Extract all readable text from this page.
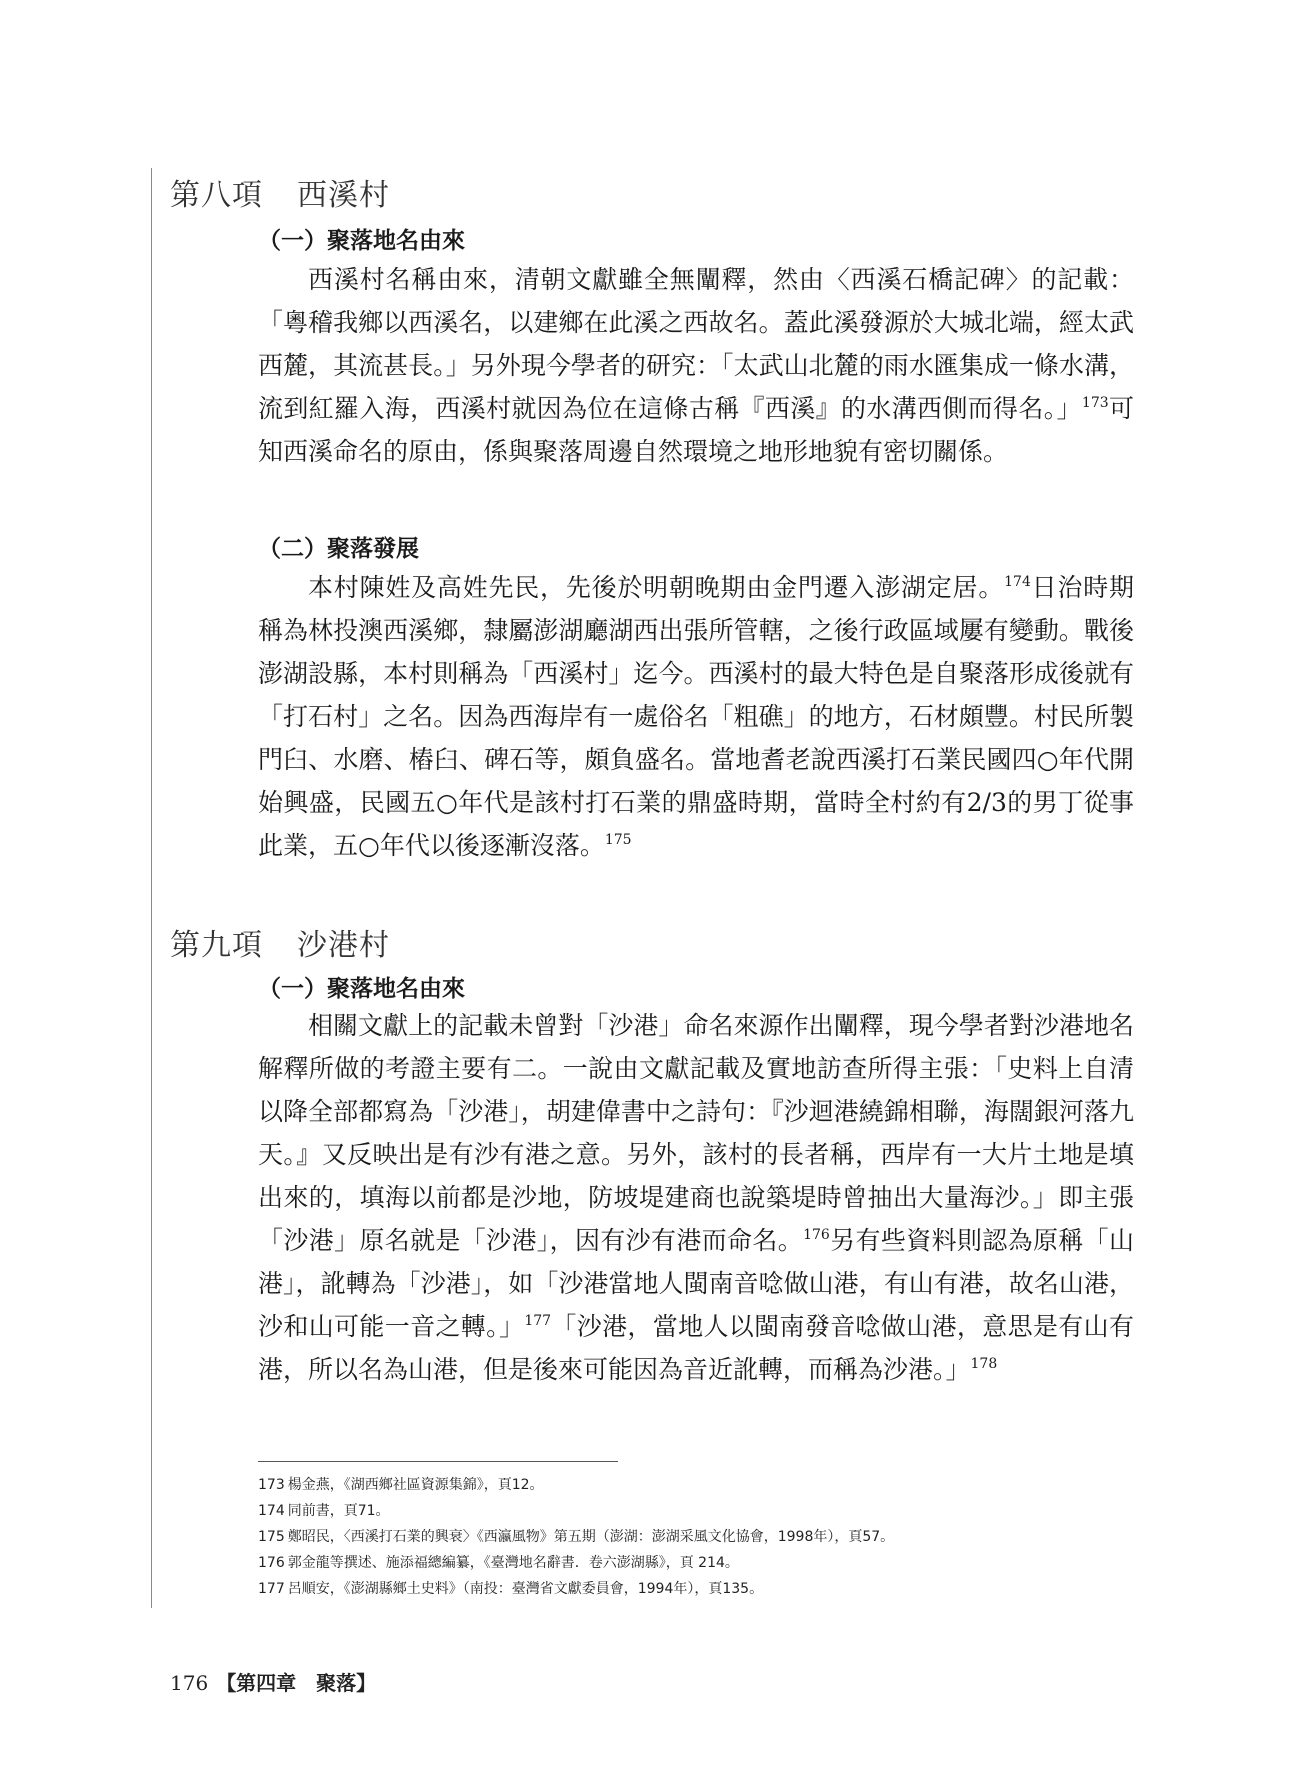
第八項 西溪村
（一）聚落地名由來

西溪村名稱由來，清朝文獻雖全無闡釋，然由〈西溪石橋記碑〉的記載：「粵稽我鄉以西溪名，以建鄉在此溪之西故名。蓋此溪發源於大城北端，經太武西麓，其流甚長。」另外現今學者的研究：「太武山北麓的雨水匯集成一條水溝，流到紅羅入海，西溪村就因為位在這條古稱『西溪』的水溝西側而得名。」$^{173}$可知西溪命名的原由，係與聚落周邊自然環境之地形地貌有密切關係。

（二）聚落發展

本村陳姓及高姓先民，先後於明朝晚期由金門遷入澎湖定居。$^{174}$日治時期稱為林投澳西溪鄉，隸屬澎湖廳湖西出張所管轄，之後行政區域屢有變動。戰後澎湖設縣，本村則稱為「西溪村」迄今。西溪村的最大特色是自聚落形成後就有「打石村」之名。因為西海岸有一處俗名「粗礁」的地方，石材頗豐。村民所製門臼、水磨、樁臼、碑石等，頗負盛名。當地耆老說西溪打石業民國四○年代開始興盛，民國五○年代是該村打石業的鼎盛時期，當時全村約有2/3的男丁從事此業，五○年代以後逐漸沒落。$^{175}$

第九項 沙港村
（一）聚落地名由來

相關文獻上的記載未曾對「沙港」命名來源作出闡釋，現今學者對沙港地名解釋所做的考證主要有二。一說由文獻記載及實地訪查所得主張：「史料上自清以降全部都寫為「沙港」，胡建偉書中之詩句：『沙迴港繞錦相聯，海闊銀河落九天。』又反映出是有沙有港之意。另外，該村的長者稱，西岸有一大片土地是填出來的，填海以前都是沙地，防坡堤建商也說築堤時曾抽出大量海沙。」即主張「沙港」原名就是「沙港」，因有沙有港而命名。$^{176}$另有些資料則認為原稱「山港」，訛轉為「沙港」，如「沙港當地人閩南音唸做山港，有山有港，故名山港，沙和山可能一音之轉。」$^{177}$「沙港，當地人以閩南發音唸做山港，意思是有山有港，所以名為山港，但是後來可能因為音近訛轉，而稱為沙港。」$^{178}$

173 楊金燕，《湖西鄉社區資源集錦》，頁12。
174 同前書，頁71。
175 鄭昭民，〈西溪打石業的興衰〉《西瀛風物》第五期（澎湖：澎湖采風文化協會，1998年），頁57。
176 郭金龍等撰述、施添福總編纂，《臺灣地名辭書．卷六澎湖縣》，頁 214。
177 呂順安，《澎湖縣鄉土史料》（南投：臺灣省文獻委員會，1994年），頁135。
176 【第四章　聚落】
